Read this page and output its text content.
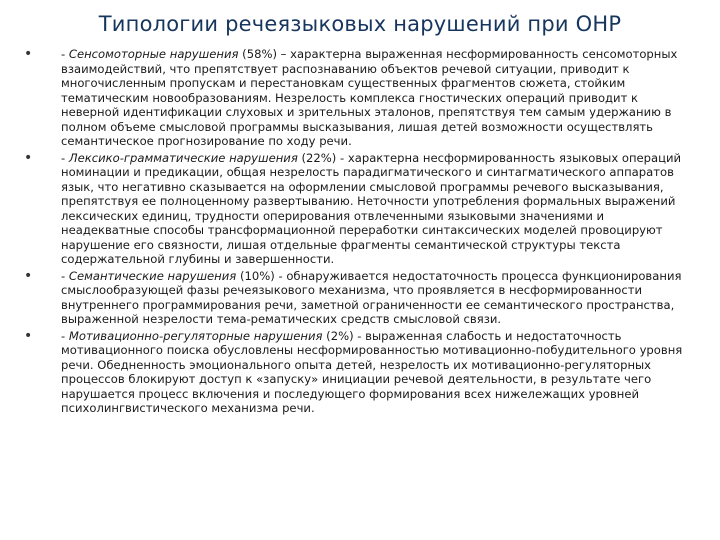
Типологии речеязыковых нарушений при ОНР
•	- Сенсомоторные нарушения (58%) – характерна выраженная несформированность сенсомоторных взаимодействий, что препятствует распознаванию объектов речевой ситуации, приводит к многочисленным пропускам и перестановкам существенных фрагментов сюжета, стойким тематическим новообразованиям. Незрелость комплекса гностических операций приводит к неверной идентификации слуховых и зрительных эталонов, препятствуя тем самым удержанию в полном объеме смысловой программы высказывания, лишая детей возможности осуществлять семантическое прогнозирование по ходу речи.
•	- Лексико-грамматические нарушения (22%) - характерна несформированность языковых операций номинации и предикации, общая незрелость парадигматического и синтагматического аппаратов язык, что негативно сказывается на оформлении смысловой программы речевого высказывания, препятствуя ее полноценному развертыванию. Неточности употребления формальных выражений лексических единиц, трудности оперирования отвлеченными языковыми значениями и неадекватные способы трансформационной переработки синтаксических моделей провоцируют нарушение его связности, лишая отдельные фрагменты семантической структуры текста содержательной глубины и завершенности.
•	- Семантические нарушения (10%) - обнаруживается недостаточность процесса функционирования смыслообразующей фазы речеязыкового механизма, что проявляется в несформированности внутреннего программирования речи, заметной ограниченности ее семантического пространства, выраженной незрелости тема-рематических средств смысловой связи.
•	- Мотивационно-регуляторные нарушения (2%) - выраженная слабость и недостаточность мотивационного поиска обусловлены несформированностью мотивационно-побудительного уровня речи. Обедненность эмоционального опыта детей, незрелость их мотивационно-регуляторных процессов блокируют доступ к «запуску» инициации речевой деятельности, в результате чего нарушается процесс включения и последующего формирования всех нижележащих уровней психолингвистического механизма речи.
